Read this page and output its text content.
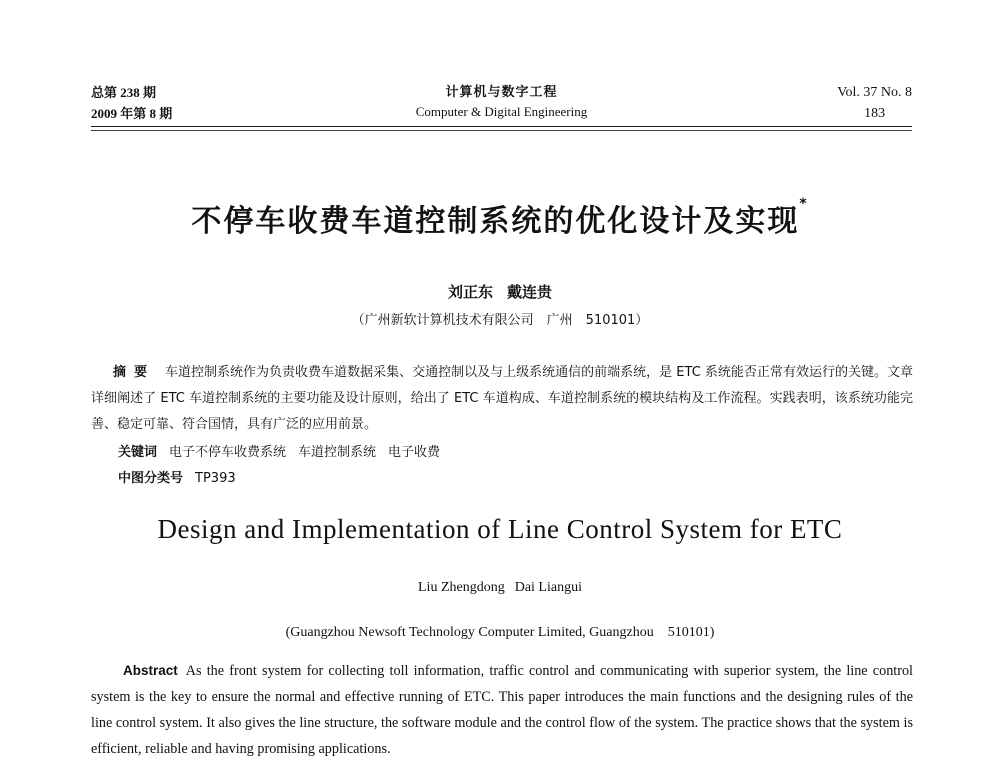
总第 238 期
2009 年第 8 期
计算机与数字工程
Computer & Digital Engineering
Vol. 37 No. 8
183
不停车收费车道控制系统的优化设计及实现*
刘正东 戴连贵
（广州新软计算机技术有限公司　广州　510101）
摘要 车道控制系统作为负责收费车道数据采集、交通控制以及与上级系统通信的前端系统，是 ETC 系统能否正常有效运行的关键。文章详细阐述了 ETC 车道控制系统的主要功能及设计原则，给出了 ETC 车道构成、车道控制系统的模块结构及工作流程。实践表明，该系统功能完善、稳定可靠、符合国情，具有广泛的应用前景。
关键词 电子不停车收费系统 车道控制系统 电子收费
中图分类号 TP393
Design and Implementation of Line Control System for ETC
Liu Zhengdong Dai Liangui
(Guangzhou Newsoft Technology Computer Limited, Guangzhou　510101)
Abstract As the front system for collecting toll information, traffic control and communicating with superior system, the line control system is the key to ensure the normal and effective running of ETC. This paper introduces the main functions and the designing rules of the line control system. It also gives the line structure, the software module and the control flow of the system. The practice shows that the system is efficient, reliable and having promising applications.
